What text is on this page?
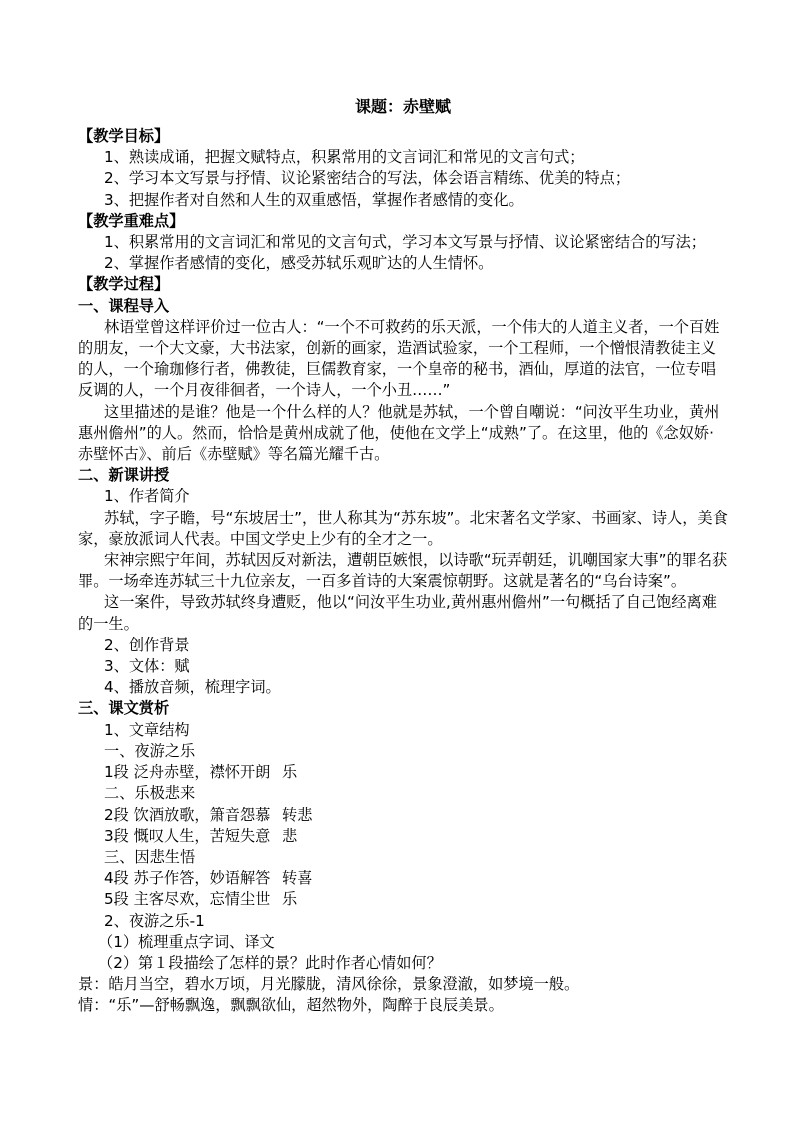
课题：赤壁赋
【教学目标】
1、熟读成诵，把握文赋特点，积累常用的文言词汇和常见的文言句式；
2、学习本文写景与抒情、议论紧密结合的写法，体会语言精练、优美的特点；
3、把握作者对自然和人生的双重感悟，掌握作者感情的变化。
【教学重难点】
1、积累常用的文言词汇和常见的文言句式，学习本文写景与抒情、议论紧密结合的写法；
2、掌握作者感情的变化，感受苏轼乐观旷达的人生情怀。
【教学过程】
一、课程导入

林语堂曾这样评价过一位古人：“一个不可救药的乐天派，一个伟大的人道主义者，一个百姓的朋友，一个大文豪，大书法家，创新的画家，造酒试验家，一个工程师，一个憎恨清教徒主义的人，一个瑜珈修行者，佛教徒，巨儒教育家，一个皇帝的秘书，酒仙，厚道的法官，一位专唱反调的人，一个月夜徘徊者，一个诗人，一个小丑……”

这里描述的是谁？他是一个什么样的人？他就是苏轼，一个曾自嘲说：“问汝平生功业，黄州惠州儋州”的人。然而，恰恰是黄州成就了他，使他在文学上“成熟”了。在这里，他的《念奴娇·赤壁怀古》、前后《赤壁赋》等名篇光耀千古。

二、新课讲授
1、作者简介

苏轼，字子瞻，号“东坡居士”，世人称其为“苏东坡”。北宋著名文学家、书画家、诗人，美食家，豪放派词人代表。中国文学史上少有的全才之一。

宋神宗熙宁年间，苏轼因反对新法，遭朝臣嫉恨，以诗歌“玩弄朝廷，讥嘲国家大事”的罪名获罪。一场牵连苏轼三十九位亲友，一百多首诗的大案震惊朝野。这就是著名的“乌台诗案”。

这一案件，导致苏轼终身遭贬，他以“问汝平生功业,黄州惠州儋州”一句概括了自己饱经离难的一生。

2、创作背景
3、文体：赋
4、播放音频，梳理字词。
三、课文赏析
1、文章结构
一、夜游之乐
1段 泛舟赤壁，襟怀开朗 乐
二、乐极悲来
2段 饮酒放歌，箫音怨慕 转悲
3段 慨叹人生，苦短失意 悲
三、因悲生悟
4段 苏子作答，妙语解答 转喜
5段 主客尽欢，忘情尘世 乐
2、夜游之乐-1
（1）梳理重点字词、译文
（2）第１段描绘了怎样的景？此时作者心情如何？
景：皓月当空，碧水万顷，月光朦胧，清风徐徐，景象澄澈，如梦境一般。
情：“乐”—舒畅飘逸，飘飘欲仙，超然物外，陶醉于良辰美景。
